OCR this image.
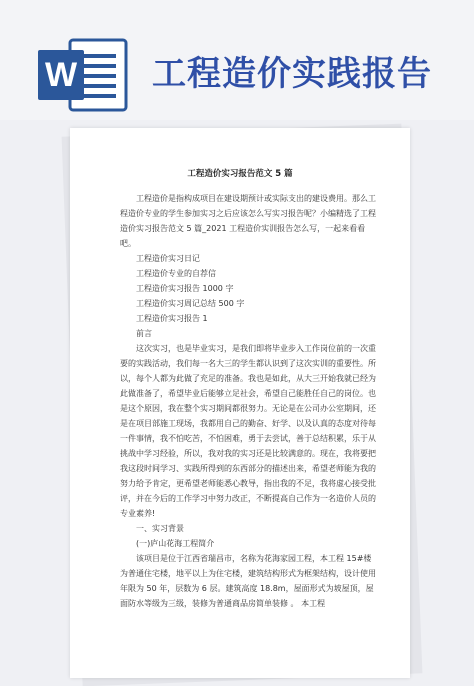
W 工程造价实践报告
工程造价实习报告范文 5 篇

工程造价是指构成项目在建设期预计或实际支出的建设费用。那么工程造价专业的学生参加实习之后应该怎么写实习报告呢？小编精选了工程造价实习报告范文 5 篇_2021 工程造价实训报告怎么写，一起来看看吧。

工程造价实习日记
工程造价专业的自荐信
工程造价实习报告 1000 字
工程造价实习周记总结 500 字
工程造价实习报告 1
前言

这次实习，也是毕业实习，是我们即将毕业步入工作岗位前的一次重要的实践活动，我们每一名大三的学生都认识到了这次实训的重要性。所以，每个人都为此做了充足的准备。我也是如此，从大三开始我就已经为此做准备了，希望毕业后能够立足社会，希望自己能胜任自己的岗位。也是这个原因，我在整个实习期间都很努力。无论是在公司办公室期间，还是在项目部施工现场，我都用自己的勤奋、好学、以及认真的态度对待每一件事情，我不怕吃苦，不怕困难，勇于去尝试，善于总结积累，乐于从挑战中学习经验，所以，我对我的实习还是比较满意的。现在，我将要把我这段时间学习、实践所得到的东西部分的描述出来，希望老师能为我的努力给予肯定，更希望老师能悉心教导，指出我的不足，我将虚心接受批评，并在今后的工作学习中努力改正，不断提高自己作为一名造价人员的专业素养!

一、实习背景
(一)庐山花海工程简介

该项目是位于江西省瑞昌市，名称为花海家园工程，本工程 15#楼为普通住宅楼，地平以上为住宅楼，建筑结构形式为框架结构，设计使用年限为 50 年，层数为 6 层。建筑高度 18.8m，屋面形式为坡屋顶，屋面防水等级为三级，装修为普通商品房简单装修 。 本工程
